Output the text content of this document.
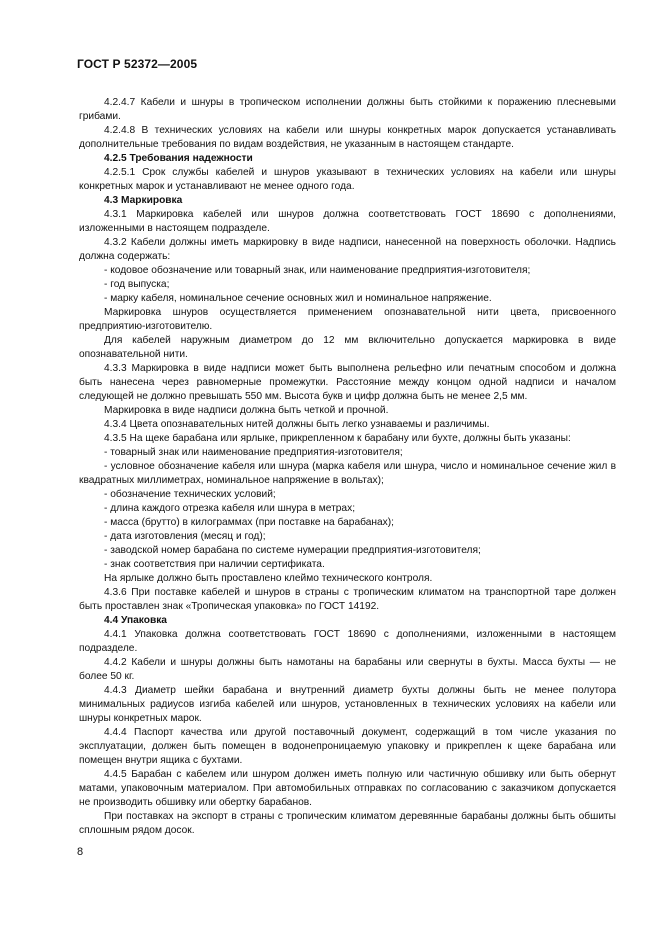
ГОСТ Р 52372—2005

4.2.4.7 Кабели и шнуры в тропическом исполнении должны быть стойкими к поражению плесневыми грибами.

4.2.4.8 В технических условиях на кабели или шнуры конкретных марок допускается устанавливать дополнительные требования по видам воздействия, не указанным в настоящем стандарте.

4.2.5 Требования надежности

4.2.5.1 Срок службы кабелей и шнуров указывают в технических условиях на кабели или шнуры конкретных марок и устанавливают не менее одного года.

4.3 Маркировка

4.3.1 Маркировка кабелей или шнуров должна соответствовать ГОСТ 18690 с дополнениями, изложенными в настоящем подразделе.

4.3.2 Кабели должны иметь маркировку в виде надписи, нанесенной на поверхность оболочки. Надпись должна содержать:

- кодовое обозначение или товарный знак, или наименование предприятия-изготовителя;

- год выпуска;

- марку кабеля, номинальное сечение основных жил и номинальное напряжение.

Маркировка шнуров осуществляется применением опознавательной нити цвета, присвоенного предприятию-изготовителю.

Для кабелей наружным диаметром до 12 мм включительно допускается маркировка в виде опознавательной нити.

4.3.3 Маркировка в виде надписи может быть выполнена рельефно или печатным способом и должна быть нанесена через равномерные промежутки. Расстояние между концом одной надписи и началом следующей не должно превышать 550 мм. Высота букв и цифр должна быть не менее 2,5 мм.

Маркировка в виде надписи должна быть четкой и прочной.

4.3.4 Цвета опознавательных нитей должны быть легко узнаваемы и различимы.

4.3.5 На щеке барабана или ярлыке, прикрепленном к барабану или бухте, должны быть указаны:

- товарный знак или наименование предприятия-изготовителя;

- условное обозначение кабеля или шнура (марка кабеля или шнура, число и номинальное сечение жил в квадратных миллиметрах, номинальное напряжение в вольтах);

- обозначение технических условий;

- длина каждого отрезка кабеля или шнура в метрах;

- масса (брутто) в килограммах (при поставке на барабанах);

- дата изготовления (месяц и год);

- заводской номер барабана по системе нумерации предприятия-изготовителя;

- знак соответствия при наличии сертификата.

На ярлыке должно быть проставлено клеймо технического контроля.

4.3.6 При поставке кабелей и шнуров в страны с тропическим климатом на транспортной таре должен быть проставлен знак «Тропическая упаковка» по ГОСТ 14192.

4.4 Упаковка

4.4.1 Упаковка должна соответствовать ГОСТ 18690 с дополнениями, изложенными в настоящем подразделе.

4.4.2 Кабели и шнуры должны быть намотаны на барабаны или свернуты в бухты. Масса бухты — не более 50 кг.

4.4.3 Диаметр шейки барабана и внутренний диаметр бухты должны быть не менее полутора минимальных радиусов изгиба кабелей или шнуров, установленных в технических условиях на кабели или шнуры конкретных марок.

4.4.4 Паспорт качества или другой поставочный документ, содержащий в том числе указания по эксплуатации, должен быть помещен в водонепроницаемую упаковку и прикреплен к щеке барабана или помещен внутри ящика с бухтами.

4.4.5 Барабан с кабелем или шнуром должен иметь полную или частичную обшивку или быть обернут матами, упаковочным материалом. При автомобильных отправках по согласованию с заказчиком допускается не производить обшивку или обертку барабанов.

При поставках на экспорт в страны с тропическим климатом деревянные барабаны должны быть обшиты сплошным рядом досок.

8
